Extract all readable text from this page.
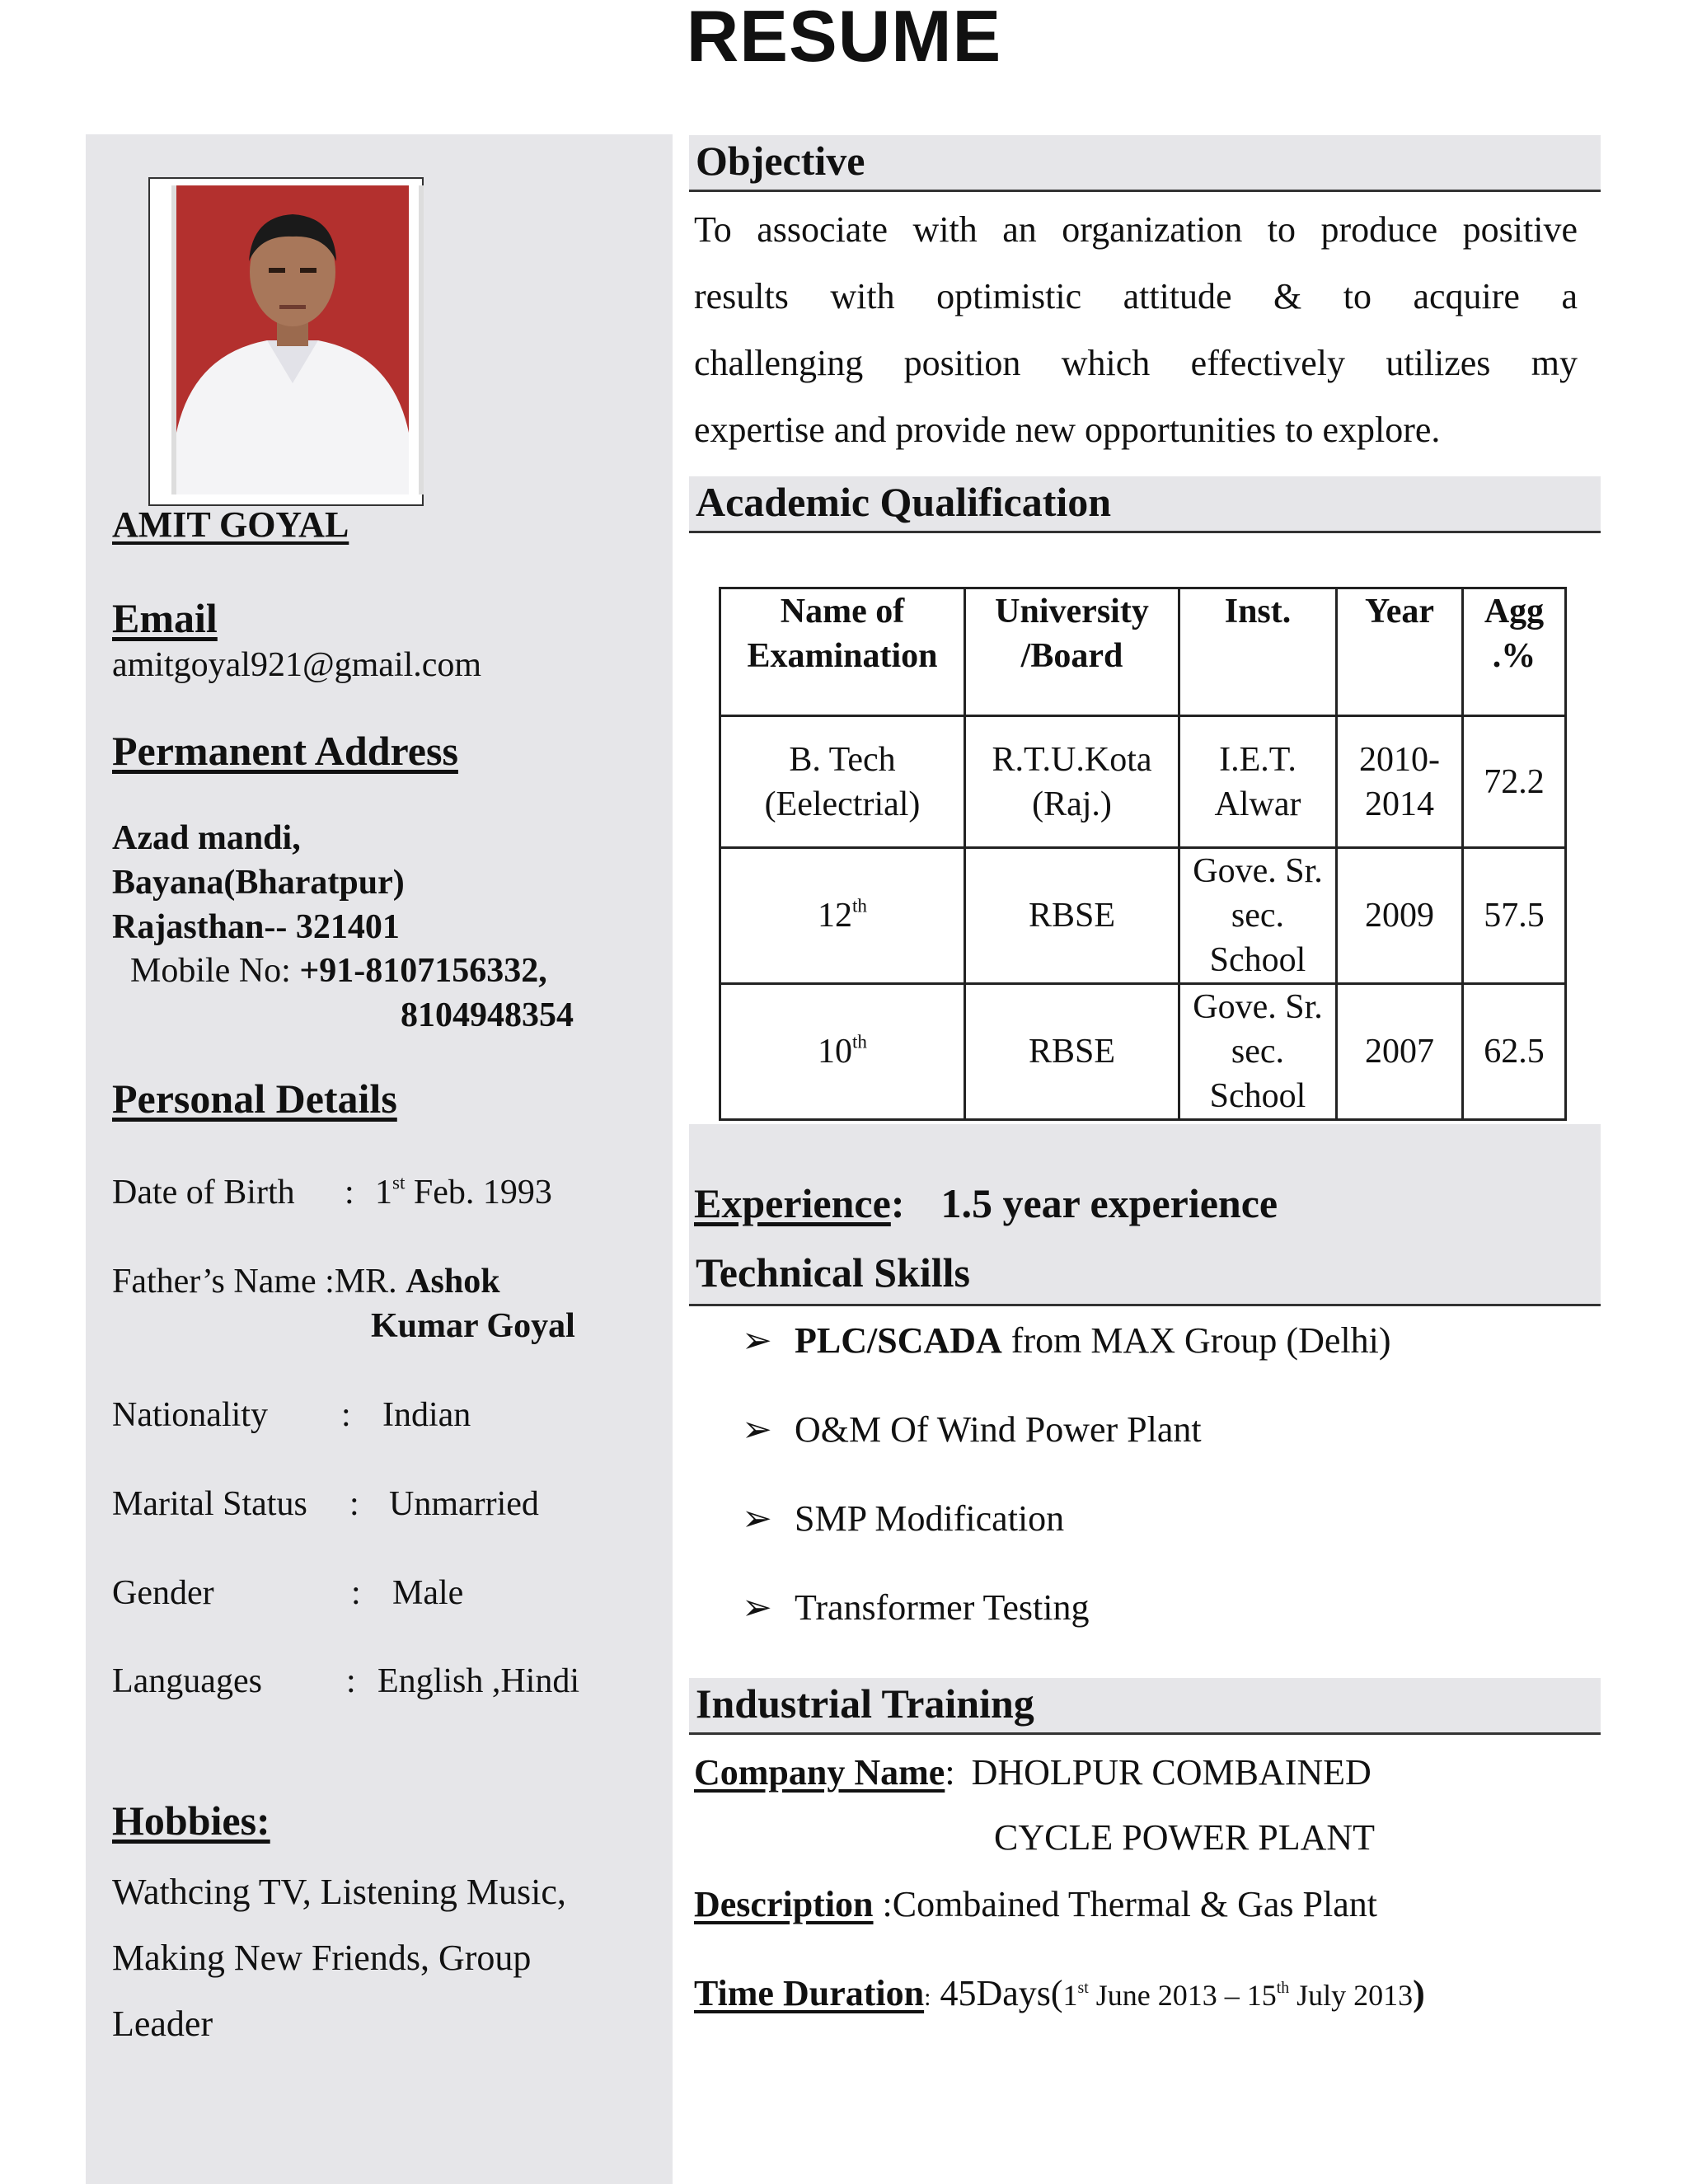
RESUME
AMIT GOYAL
Email
amitgoyal921@gmail.com
Permanent Address
Azad mandi,
Bayana(Bharatpur)
Rajasthan-- 321401
Mobile No: +91-8107156332,
8104948354
Personal Details
Date of Birth : 1st Feb. 1993
Father’s Name :MR. Ashok
Kumar Goyal
Nationality : Indian
Marital Status : Unmarried
Gender	: Male
Languages : English ,Hindi
Hobbies:
Wathcing TV, Listening Music,
Making New Friends, Group
Leader
Objective
To associate with an organization to produce positive
results with optimistic attitude & to acquire a
challenging position which effectively utilizes my
expertise and provide new opportunities to explore.
Academic Qualification
Name of Examination	University /Board	Inst.	Year	Agg .%
B. Tech (Eelectrial)	R.T.U.Kota (Raj.)	I.E.T. Alwar	2010- 2014	72.2
12th	RBSE	Gove. Sr. sec. School	2009	57.5
10th	RBSE	Gove. Sr. sec. School	2007	62.5
Experience: 1.5 year experience
Technical Skills
➢ PLC/SCADA from MAX Group (Delhi)
➢ O&M Of Wind Power Plant
➢ SMP Modification
➢ Transformer Testing
Industrial Training
Company Name: DHOLPUR COMBAINED
CYCLE POWER PLANT
Description :Combained Thermal & Gas Plant
Time Duration: 45Days(1st June 2013 – 15th July 2013)
